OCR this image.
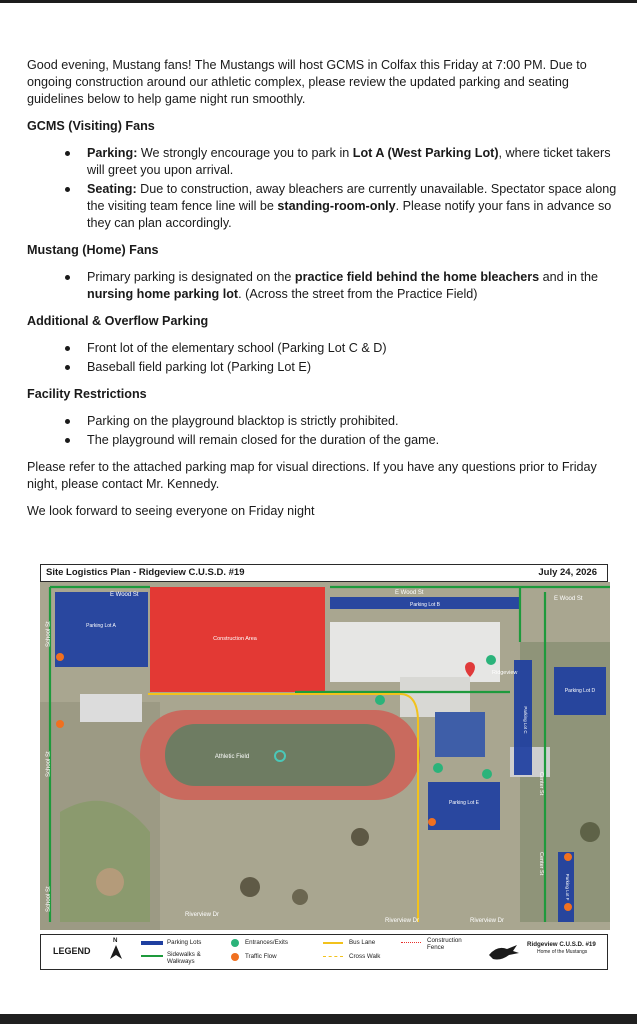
Good evening, Mustang fans! The Mustangs will host GCMS in Colfax this Friday at 7:00 PM. Due to ongoing construction around our athletic complex, please review the updated parking and seating guidelines below to help game night run smoothly.

GCMS (Visiting) Fans

Parking: We strongly encourage you to park in Lot A (West Parking Lot), where ticket takers will greet you upon arrival.
Seating: Due to construction, away bleachers are currently unavailable. Spectator space along the visiting team fence line will be standing-room-only. Please notify your fans in advance so they can plan accordingly.

Mustang (Home) Fans

Primary parking is designated on the practice field behind the home bleachers and in the nursing home parking lot. (Across the street from the Practice Field)

Additional & Overflow Parking

Front lot of the elementary school (Parking Lot C & D)
Baseball field parking lot (Parking Lot E)

Facility Restrictions

Parking on the playground blacktop is strictly prohibited.
The playground will remain closed for the duration of the game.

Please refer to the attached parking map for visual directions. If you have any questions prior to Friday night, please contact Mr. Kennedy.

We look forward to seeing everyone on Friday night

Site Logistics Plan - Ridgeview C.U.S.D. #19	July 24, 2026
Construction Area
Athletic Field
Parking Lot A
Parking Lot B
Parking Lot C
Parking Lot D
Parking Lot E
Parking Lot F
E Wood St	E Wood St
E Wood St
School St
School St
School St
Riverview Dr
Riverview Dr	Riverview Dr
Center St
Center St
Ridgeview
LEGEND
N	Parking Lots
Sidewalks & Walkways
Entrances/Exits
Traffic Flow
Bus Lane
Cross Walk
Construction Fence	Ridgeview C.U.S.D. #19
Home of the Mustangs
